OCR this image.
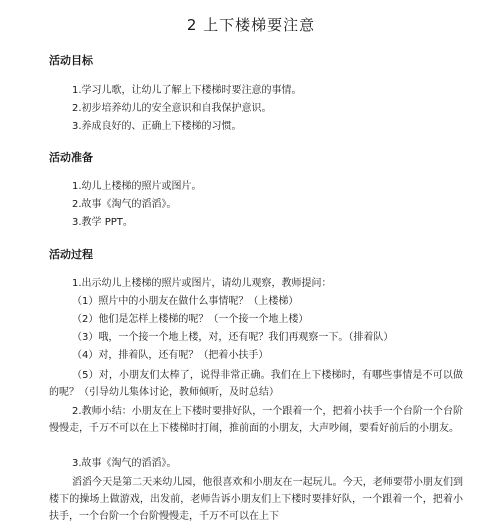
2 上下楼梯要注意
活动目标
1.学习儿歌，让幼儿了解上下楼梯时要注意的事情。
2.初步培养幼儿的安全意识和自我保护意识。
3.养成良好的、正确上下楼梯的习惯。
活动准备
1.幼儿上楼梯的照片或图片。
2.故事《淘气的滔滔》。
3.教学 PPT。
活动过程
1.出示幼儿上楼梯的照片或图片，请幼儿观察，教师提问：
（1）照片中的小朋友在做什么事情呢？（上楼梯）
（2）他们是怎样上楼梯的呢？（一个接一个地上楼）
（3）哦，一个接一个地上楼，对，还有呢？我们再观察一下。（排着队）
（4）对，排着队，还有呢？（把着小扶手）
（5）对，小朋友们太棒了，说得非常正确。我们在上下楼梯时，有哪些事情是不可以做的呢？（引导幼儿集体讨论，教师倾听，及时总结）
2.教师小结：小朋友在上下楼时要排好队，一个跟着一个，把着小扶手一个台阶一个台阶慢慢走，千万不可以在上下楼梯时打闹，推前面的小朋友，大声吵闹，要看好前后的小朋友。
3.故事《淘气的滔滔》。
滔滔今天是第二天来幼儿园，他很喜欢和小朋友在一起玩儿。今天，老师要带小朋友们到楼下的操场上做游戏，出发前，老师告诉小朋友们上下楼时要排好队，一个跟着一个，把着小扶手，一个台阶一个台阶慢慢走，千万不可以在上下
